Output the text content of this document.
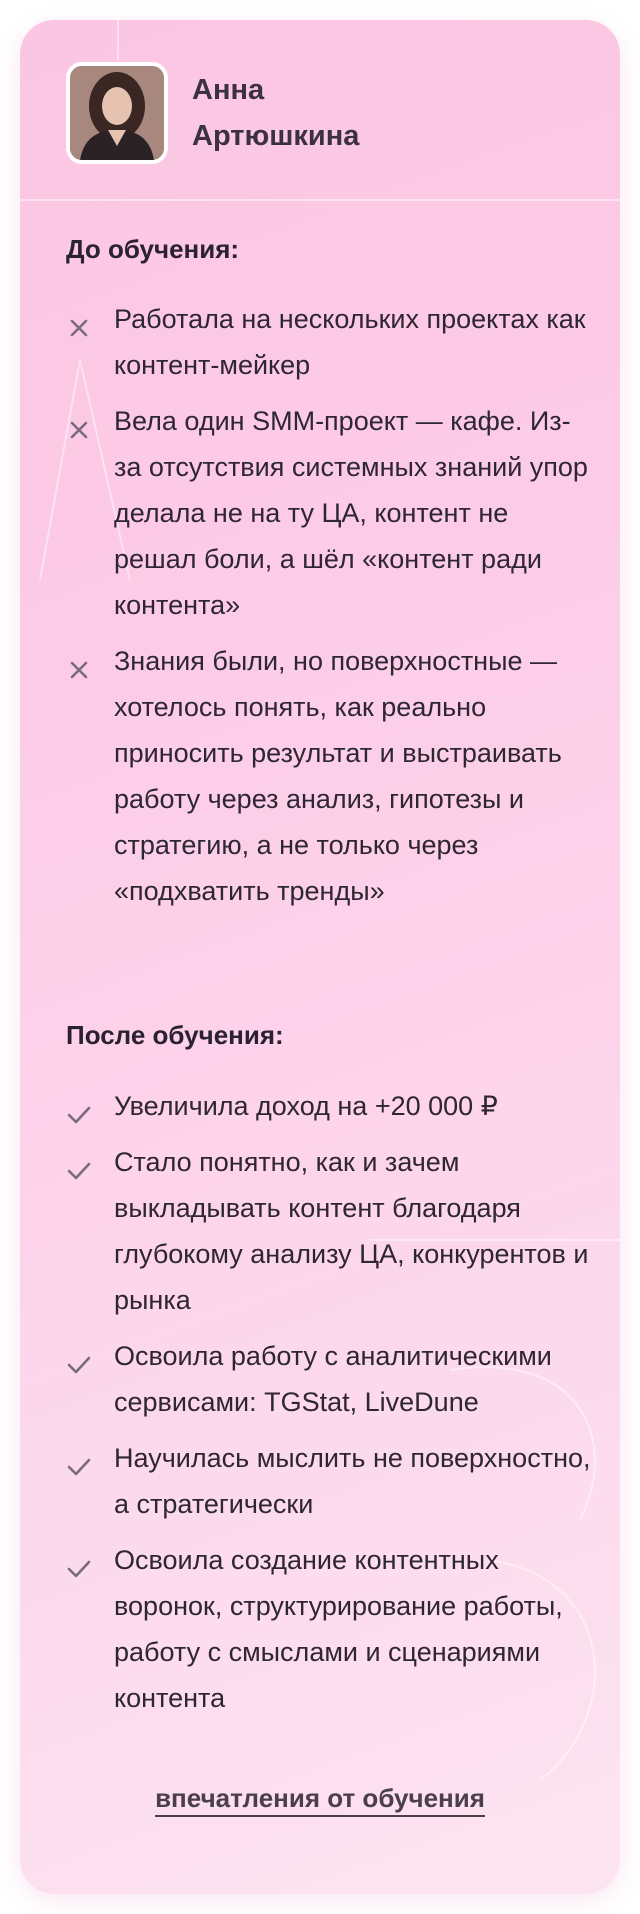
Анна
Артюшкина
До обучения:
Работала на нескольких проектах как контент-мейкер
Вела один SMM-проект — кафе. Из-за отсутствия системных знаний упор делала не на ту ЦА, контент не решал боли, а шёл «контент ради контента»
Знания были, но поверхностные — хотелось понять, как реально приносить результат и выстраивать работу через анализ, гипотезы и стратегию, а не только через «подхватить тренды»
После обучения:
Увеличила доход на +20 000 ₽
Стало понятно, как и зачем выкладывать контент благодаря глубокому анализу ЦА, конкурентов и рынка
Освоила работу с аналитическими сервисами: TGStat, LiveDune
Научилась мыслить не поверхностно, а стратегически
Освоила создание контентных воронок, структурирование работы, работу с смыслами и сценариями контента
впечатления от обучения
